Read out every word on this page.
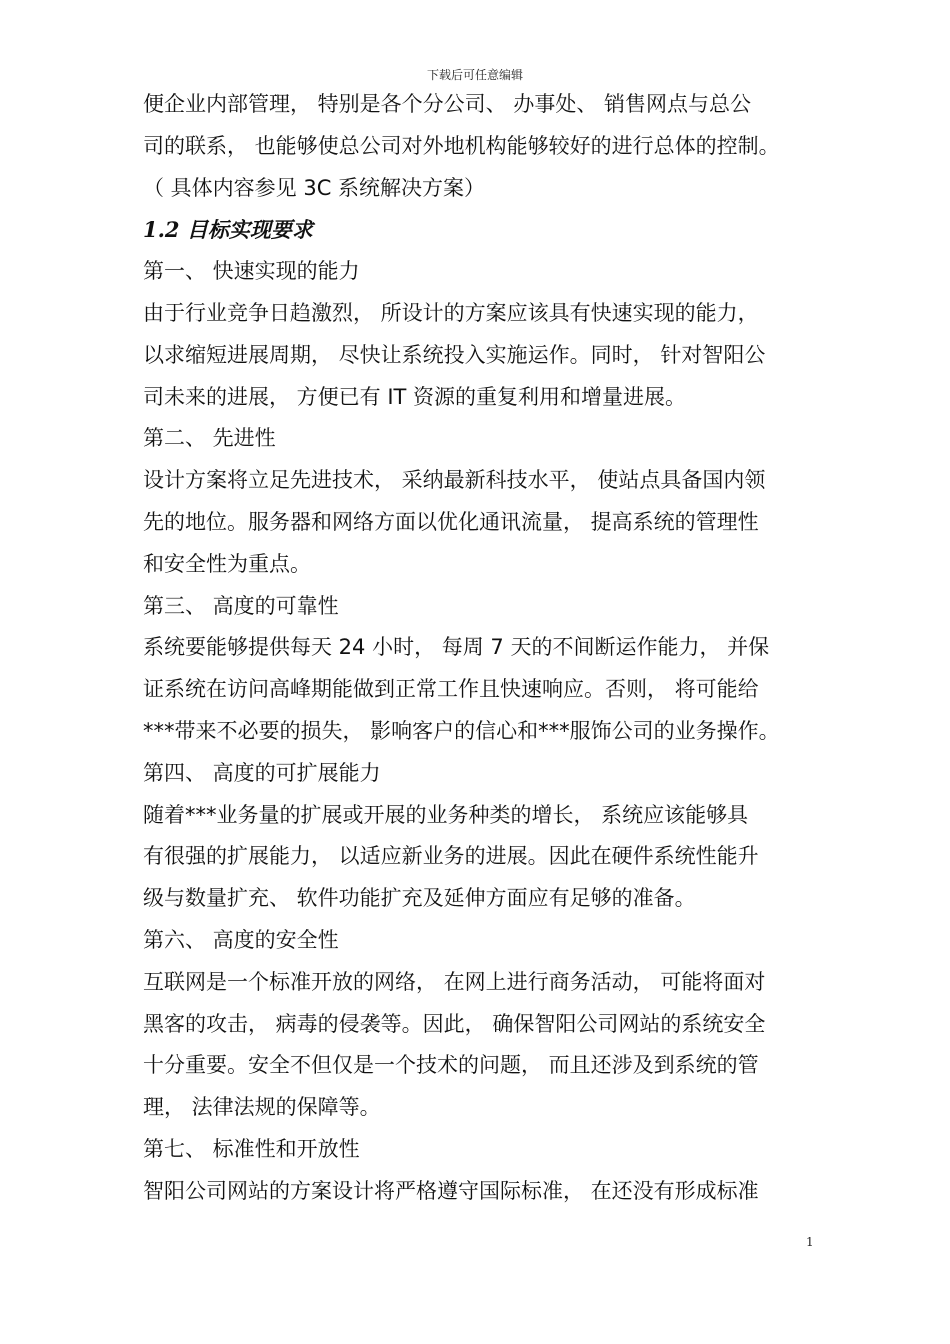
下载后可任意编辑
便企业内部管理， 特别是各个分公司、 办事处、 销售网点与总公
司的联系， 也能够使总公司对外地机构能够较好的进行总体的控制。
（ 具体内容参见 3C 系统解决方案）
1.2 目标实现要求
第一、 快速实现的能力
由于行业竞争日趋激烈， 所设计的方案应该具有快速实现的能力，
以求缩短进展周期， 尽快让系统投入实施运作。同时， 针对智阳公
司未来的进展， 方便已有 IT 资源的重复利用和增量进展。
第二、 先进性
设计方案将立足先进技术， 采纳最新科技水平， 使站点具备国内领
先的地位。服务器和网络方面以优化通讯流量， 提高系统的管理性
和安全性为重点。
第三、 高度的可靠性
系统要能够提供每天 24 小时， 每周 7 天的不间断运作能力， 并保
证系统在访问高峰期能做到正常工作且快速响应。否则， 将可能给
***带来不必要的损失， 影响客户的信心和***服饰公司的业务操作。
第四、 高度的可扩展能力
随着***业务量的扩展或开展的业务种类的增长， 系统应该能够具
有很强的扩展能力， 以适应新业务的进展。因此在硬件系统性能升
级与数量扩充、 软件功能扩充及延伸方面应有足够的准备。
第六、 高度的安全性
互联网是一个标准开放的网络， 在网上进行商务活动， 可能将面对
黑客的攻击， 病毒的侵袭等。因此， 确保智阳公司网站的系统安全
十分重要。安全不但仅是一个技术的问题， 而且还涉及到系统的管
理， 法律法规的保障等。
第七、 标准性和开放性
智阳公司网站的方案设计将严格遵守国际标准， 在还没有形成标准
1
